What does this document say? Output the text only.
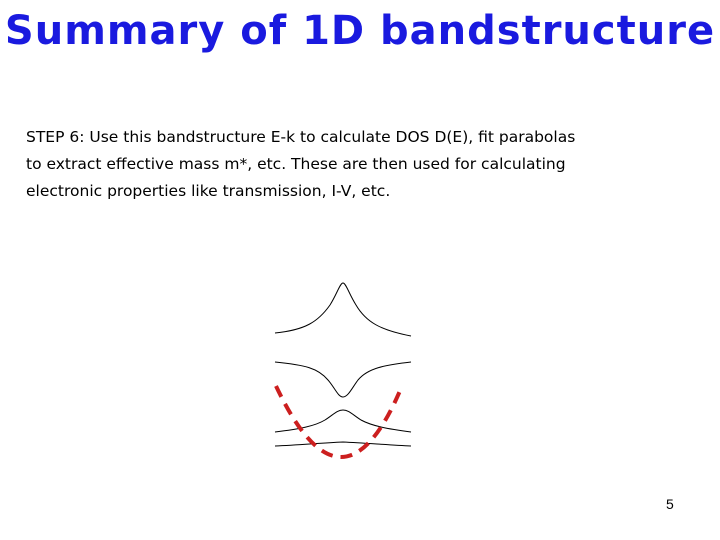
Summary of 1D bandstructure
STEP 6: Use this bandstructure E-k to calculate DOS D(E), fit parabolas
to extract effective mass m*, etc. These are then used for calculating
electronic properties like transmission, I-V, etc.
5
